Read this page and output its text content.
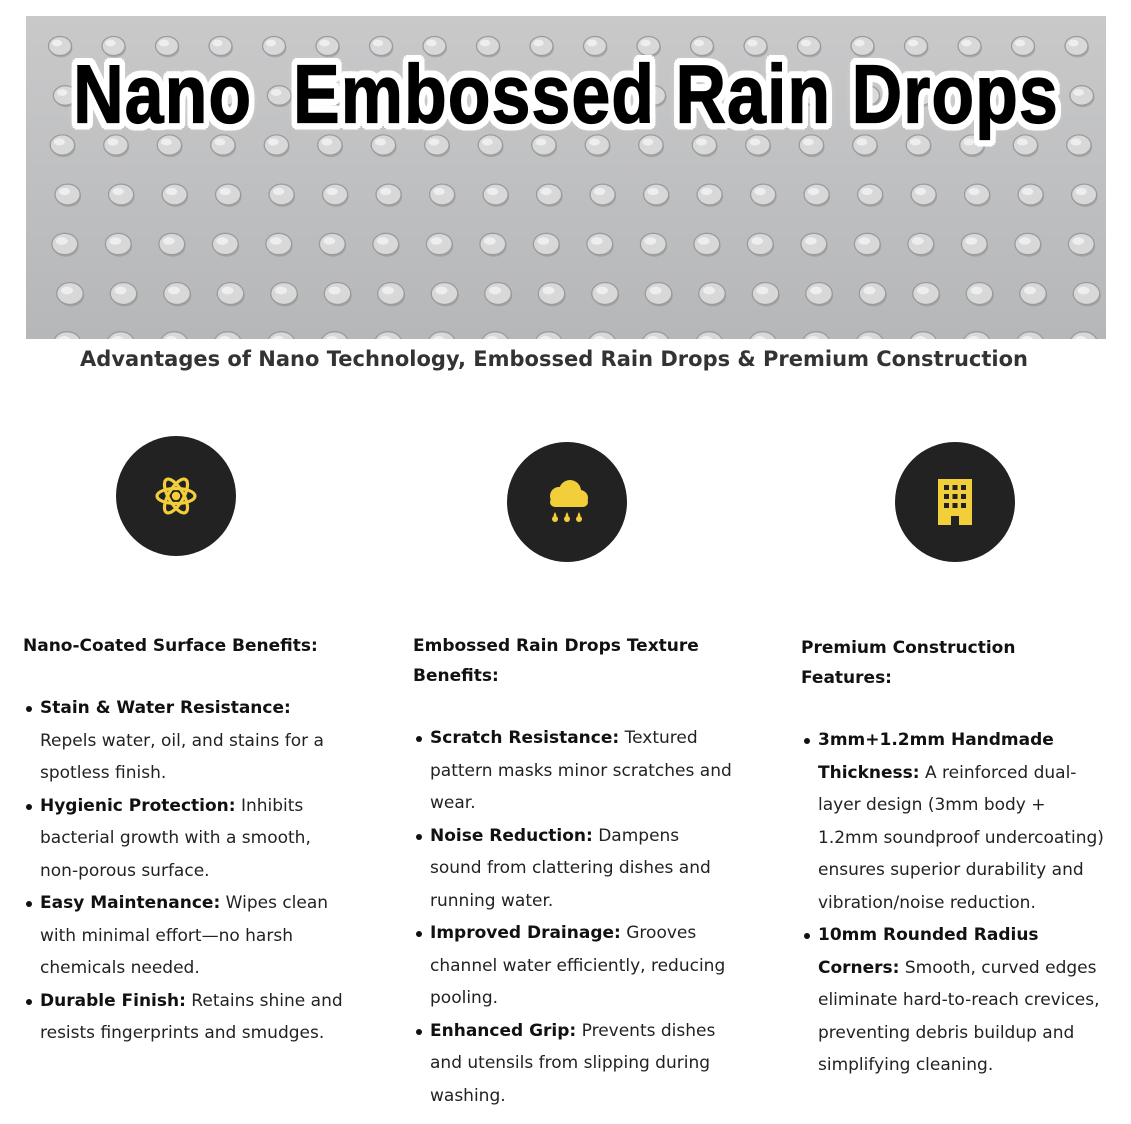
Nano  Embossed Rain Drops
Advantages of Nano Technology, Embossed Rain Drops & Premium Construction
Nano-Coated Surface Benefits:
Stain & Water Resistance: Repels water, oil, and stains for a spotless finish.
Hygienic Protection: Inhibits bacterial growth with a smooth, non-porous surface.
Easy Maintenance: Wipes clean with minimal effort—no harsh chemicals needed.
Durable Finish: Retains shine and resists fingerprints and smudges.
Embossed Rain Drops Texture Benefits:
Scratch Resistance: Textured pattern masks minor scratches and wear.
Noise Reduction: Dampens sound from clattering dishes and running water.
Improved Drainage: Grooves channel water efficiently, reducing pooling.
Enhanced Grip: Prevents dishes and utensils from slipping during washing.
Premium Construction Features:
3mm+1.2mm Handmade Thickness: A reinforced dual-layer design (3mm body + 1.2mm soundproof undercoating) ensures superior durability and vibration/noise reduction.
10mm Rounded Radius Corners: Smooth, curved edges eliminate hard-to-reach crevices, preventing debris buildup and simplifying cleaning.
